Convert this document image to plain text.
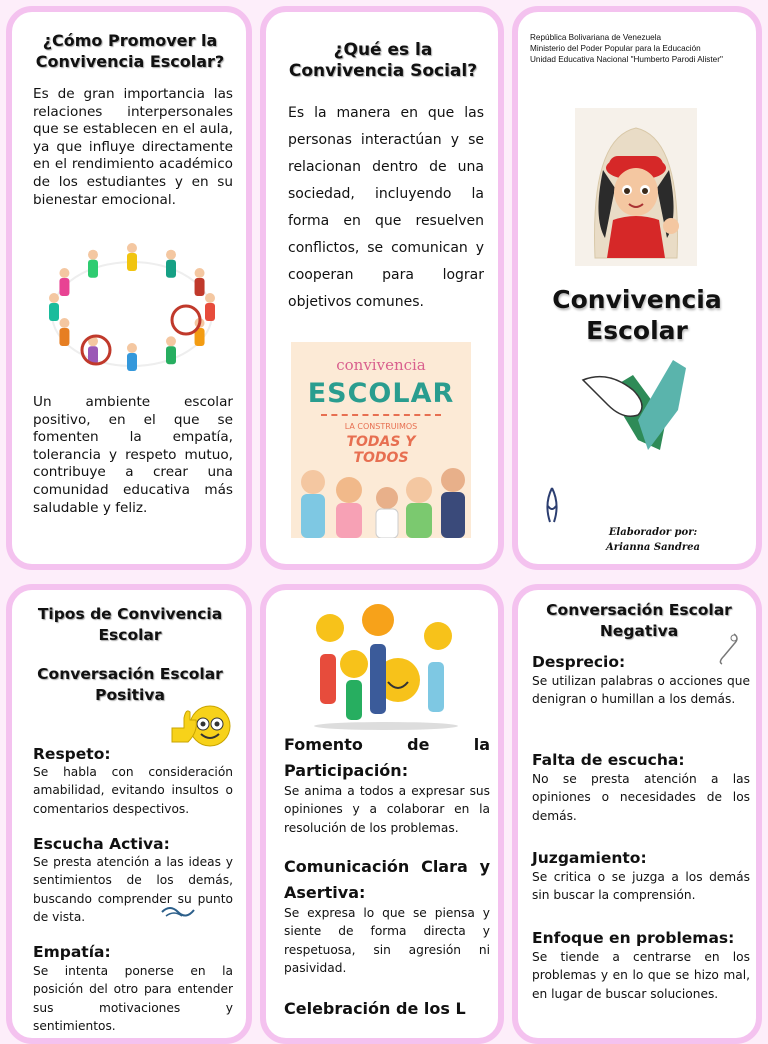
¿Cómo Promover la Convivencia Escolar?
Es de gran importancia las relaciones interpersonales que se establecen en el aula, ya que influye directamente en el rendimiento académico de los estudiantes y en su bienestar emocional.
Un ambiente escolar positivo, en el que se fomenten la empatía, tolerancia y respeto mutuo, contribuye a crear una comunidad educativa más saludable y feliz.
¿Qué es la Convivencia Social?
Es la manera en que las personas interactúan y se relacionan dentro de una sociedad, incluyendo la forma en que resuelven conflictos, se comunican y cooperan para lograr objetivos comunes.
convivencia
ESCOLAR
LA CONSTRUIMOS
TODAS Y
TODOS
República Bolivariana de Venezuela
Ministerio del Poder Popular para la Educación
Unidad Educativa Nacional "Humberto Parodi Alister"
Convivencia
Escolar
Elaborador por:
Arianna Sandrea
Tipos de Convivencia Escolar
Conversación Escolar Positiva
Respeto:
Se habla con consideración amabilidad, evitando insultos o comentarios despectivos.
Escucha Activa:
Se presta atención a las ideas y sentimientos de los demás, buscando comprender su punto de vista.
Empatía:
Se intenta ponerse en la posición del otro para entender sus motivaciones y sentimientos.
Fomento de la Participación:
Se anima a todos a expresar sus opiniones y a colaborar en la resolución de los problemas.
Comunicación Clara y Asertiva:
Se expresa lo que se piensa y siente de forma directa y respetuosa, sin agresión ni pasividad.
Celebración de los L
Conversación Escolar Negativa
Desprecio:
Se utilizan palabras o acciones que denigran o humillan a los demás.
Falta de escucha:
No se presta atención a las opiniones o necesidades de los demás.
Juzgamiento:
Se critica o se juzga a los demás sin buscar la comprensión.
Enfoque en problemas:
Se tiende a centrarse en los problemas y en lo que se hizo mal, en lugar de buscar soluciones.
